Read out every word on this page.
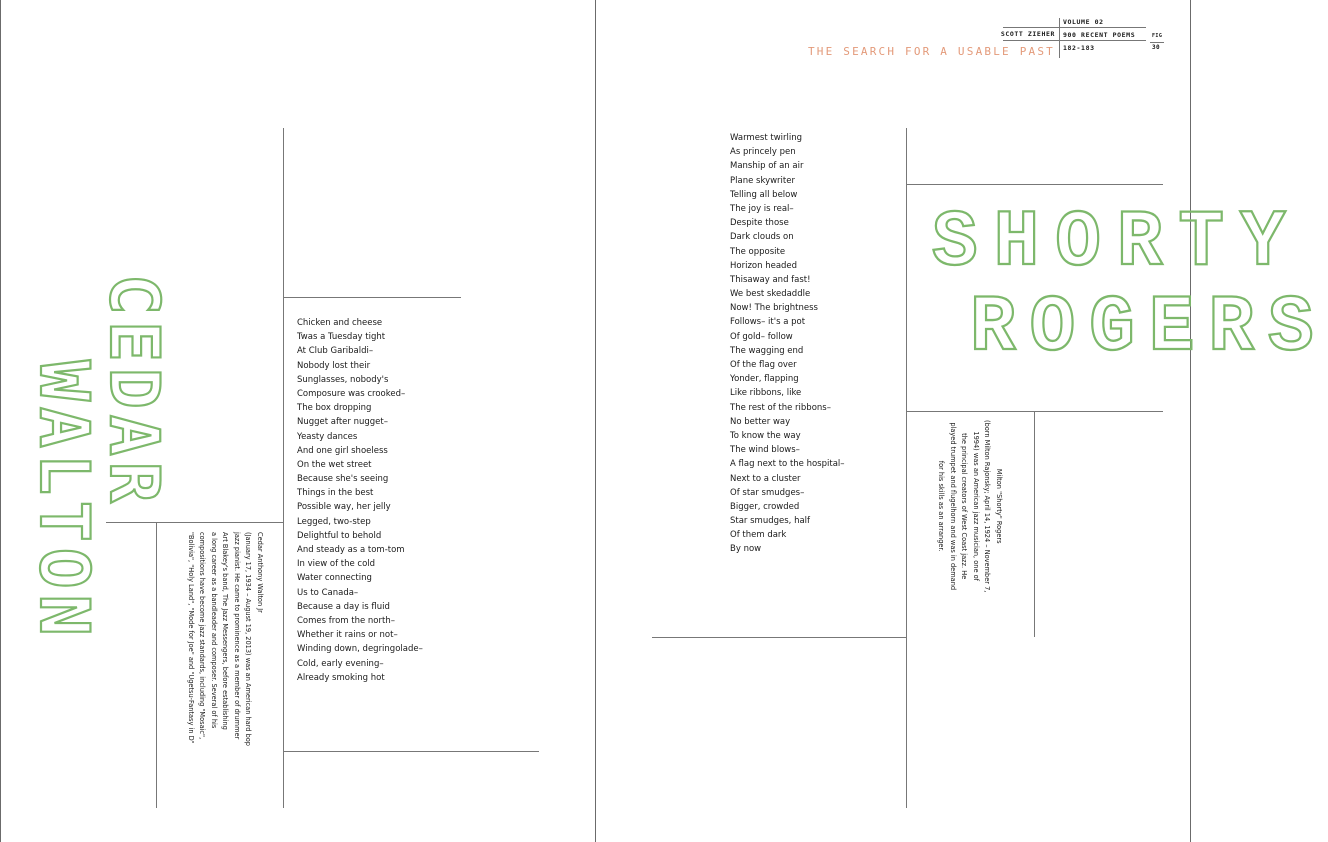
SCOTT ZIEHER
VOLUME 02
900 RECENT POEMS
182-183
FIG
30
THE SEARCH FOR A USABLE PAST
CEDAR
WALTON	Cedar Anthony Walton Jr
(January 17, 1934 – August 19, 2013) was an American hard bop
jazz pianist. He came to prominence as a member of drummer
Art Blakey's band, The Jazz Messengers, before establishing
a long career as a bandleader and composer. Several of his
compositions have become jazz standards, including "Mosaic",
"Bolivia", "Holy Land", "Mode for Joe" and "Ugetsu-Fantasy in D"
Chicken and cheese
Twas a Tuesday tight
At Club Garibaldi–
Nobody lost their
Sunglasses, nobody's
Composure was crooked–
The box dropping
Nugget after nugget–
Yeasty dances
And one girl shoeless
On the wet street
Because she's seeing
Things in the best
Possible way, her jelly
Legged, two-step
Delightful to behold
And steady as a tom-tom
In view of the cold
Water connecting
Us to Canada–
Because a day is fluid
Comes from the north–
Whether it rains or not–
Winding down, degringolade–
Cold, early evening–
Already smoking hot
Warmest twirling
As princely pen
Manship of an air
Plane skywriter
Telling all below
The joy is real–
Despite those
Dark clouds on
The opposite
Horizon headed
Thisaway and fast!
We best skedaddle
Now! The brightness
Follows– it's a pot
Of gold– follow
The wagging end
Of the flag over
Yonder, flapping
Like ribbons, like
The rest of the ribbons–
No better way
To know the way
The wind blows–
A flag next to the hospital–
Next to a cluster
Of star smudges–
Bigger, crowded
Star smudges, half
Of them dark
By now
SHORTY
ROGERS
Milton "Shorty" Rogers
(born Milton Rajonsky; April 14, 1924 – November 7,
1994) was an American jazz musician, one of
the principal creators of West Coast jazz. He
played trumpet and flugelhorn and was in demand
for his skills as an arranger.
